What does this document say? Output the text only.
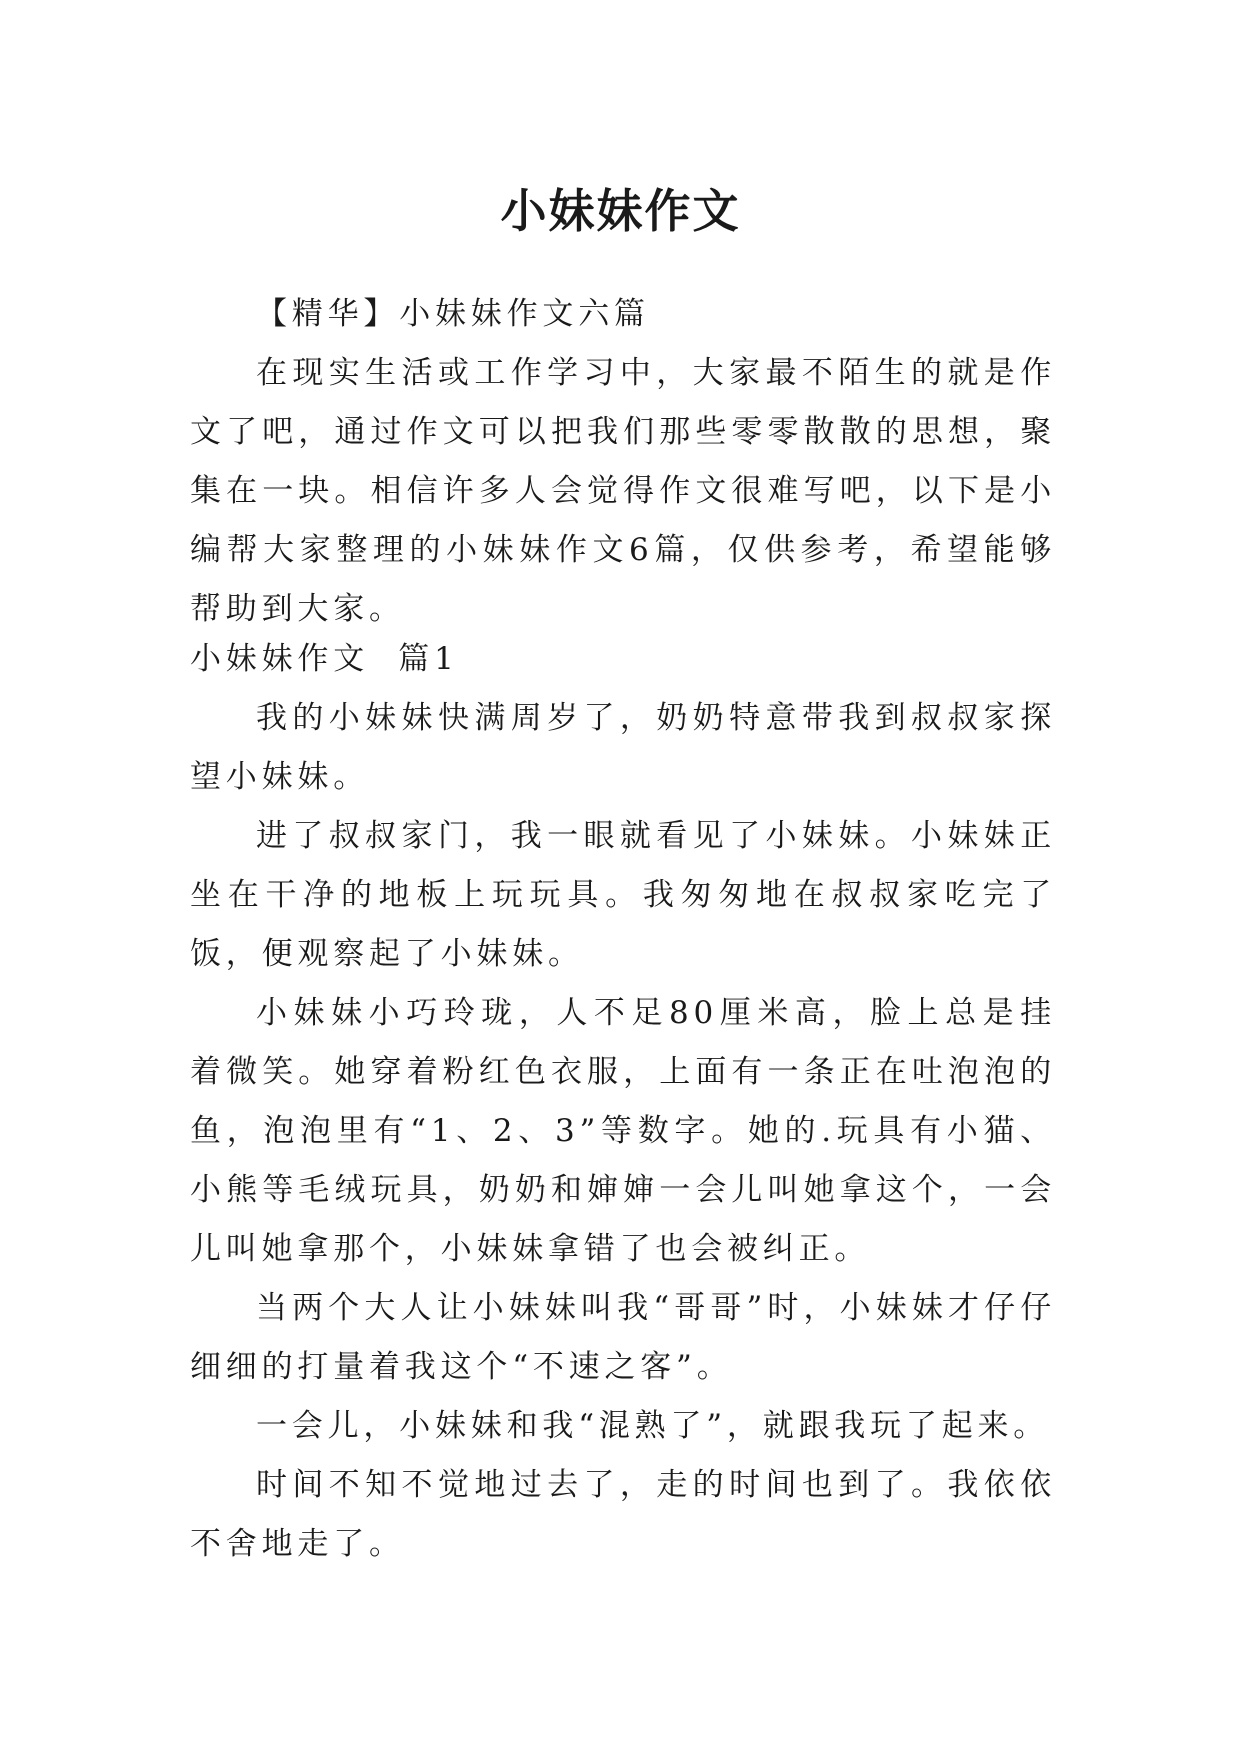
小妹妹作文

【精华】小妹妹作文六篇

在现实生活或工作学习中，大家最不陌生的就是作文了吧，通过作文可以把我们那些零零散散的思想，聚集在一块。相信许多人会觉得作文很难写吧，以下是小编帮大家整理的小妹妹作文6篇，仅供参考，希望能够帮助到大家。

小妹妹作文  篇1

我的小妹妹快满周岁了，奶奶特意带我到叔叔家探望小妹妹。

进了叔叔家门，我一眼就看见了小妹妹。小妹妹正坐在干净的地板上玩玩具。我匆匆地在叔叔家吃完了饭，便观察起了小妹妹。

小妹妹小巧玲珑，人不足80厘米高，脸上总是挂着微笑。她穿着粉红色衣服，上面有一条正在吐泡泡的鱼，泡泡里有“1、2、3”等数字。她的.玩具有小猫、小熊等毛绒玩具，奶奶和婶婶一会儿叫她拿这个，一会儿叫她拿那个，小妹妹拿错了也会被纠正。

当两个大人让小妹妹叫我“哥哥”时，小妹妹才仔仔细细的打量着我这个“不速之客”。

一会儿，小妹妹和我“混熟了”，就跟我玩了起来。

时间不知不觉地过去了，走的时间也到了。我依依不舍地走了。
